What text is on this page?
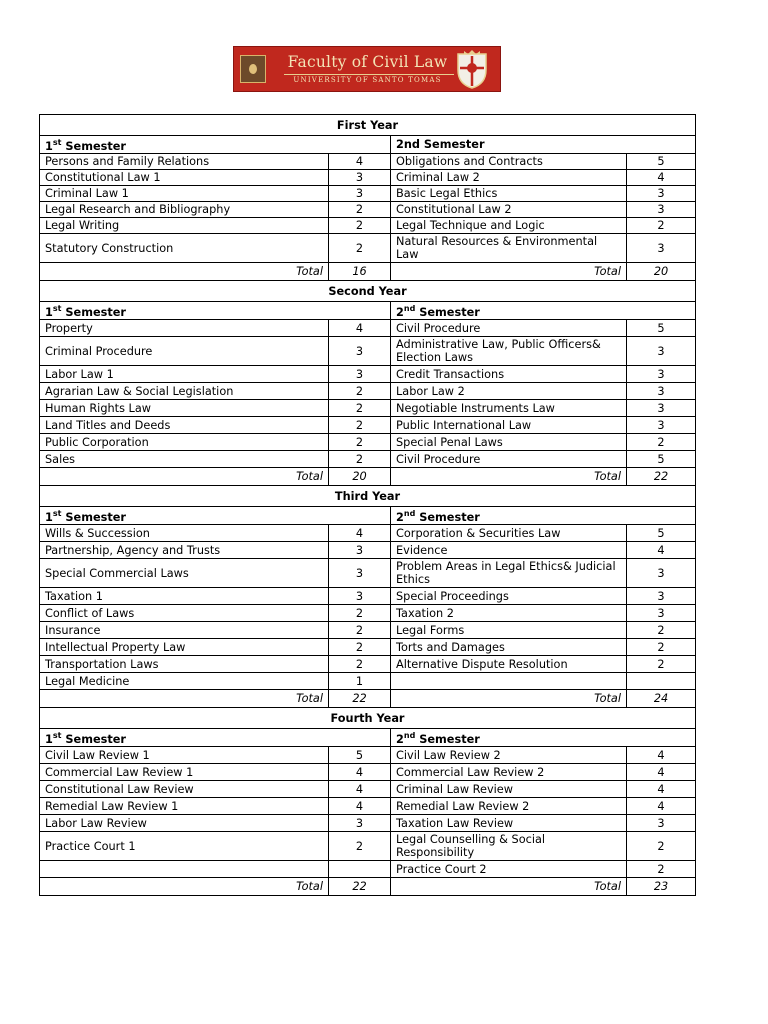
Faculty of Civil Law
UNIVERSITY OF SANTO TOMAS
First Year			
1st Semester		2nd Semester	
Persons and Family Relations	4	Obligations and Contracts	5
Constitutional Law 1	3	Criminal Law 2	4
Criminal Law 1	3	Basic Legal Ethics	3
Legal Research and Bibliography	2	Constitutional Law 2	3
Legal Writing	2	Legal Technique and Logic	2
Statutory Construction	2	Natural Resources & Environmental Law	3
Total	16	Total	20
Second Year			
1st Semester		2nd Semester	
Property	4	Civil Procedure	5
Criminal Procedure	3	Administrative Law, Public Officers& Election Laws	3
Labor Law 1	3	Credit Transactions	3
Agrarian Law & Social Legislation	2	Labor Law 2	3
Human Rights Law	2	Negotiable Instruments Law	3
Land Titles and Deeds	2	Public International Law	3
Public Corporation	2	Special Penal Laws	2
Sales	2	Civil Procedure	5
Total	20	Total	22
Third Year			
1st Semester		2nd Semester	
Wills & Succession	4	Corporation & Securities Law	5
Partnership, Agency and Trusts	3	Evidence	4
Special Commercial Laws	3	Problem Areas in Legal Ethics& Judicial Ethics	3
Taxation 1	3	Special Proceedings	3
Conflict of Laws	2	Taxation 2	3
Insurance	2	Legal Forms	2
Intellectual Property Law	2	Torts and Damages	2
Transportation Laws	2	Alternative Dispute Resolution	2
Legal Medicine	1		
Total	22	Total	24
Fourth Year			
1st Semester		2nd Semester	
Civil Law Review 1	5	Civil Law Review 2	4
Commercial Law Review 1	4	Commercial Law Review 2	4
Constitutional Law Review	4	Criminal Law Review	4
Remedial Law Review 1	4	Remedial Law Review 2	4
Labor Law Review	3	Taxation Law Review	3
Practice Court 1	2	Legal Counselling & Social Responsibility	2
		Practice Court 2	2
Total	22	Total	23
